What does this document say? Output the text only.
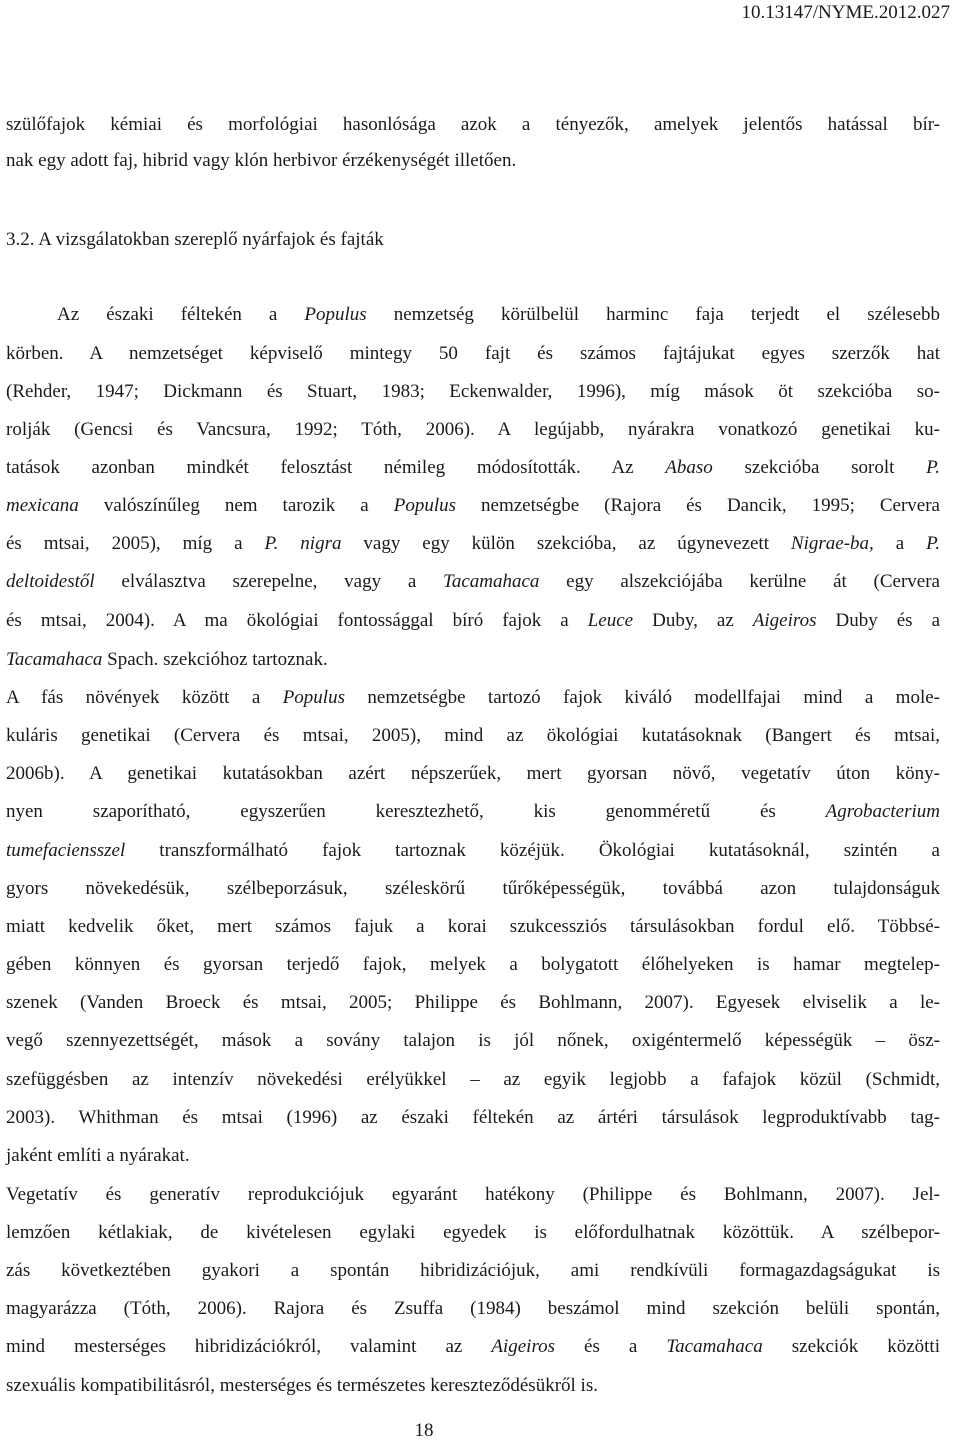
10.13147/NYME.2012.027
szülőfajok kémiai és morfológiai hasonlósága azok a tényezők, amelyek jelentős hatással bír-
nak egy adott faj, hibrid vagy klón herbivor érzékenységét illetően.
3.2. A vizsgálatokban szereplő nyárfajok és fajták
Az északi féltekén a Populus nemzetség körülbelül harminc faja terjedt el szélesebb
körben. A nemzetséget képviselő mintegy 50 fajt és számos fajtájukat egyes szerzők hat
(Rehder, 1947; Dickmann és Stuart, 1983; Eckenwalder, 1996), míg mások öt szekcióba so-
rolják (Gencsi és Vancsura, 1992; Tóth, 2006). A legújabb, nyárakra vonatkozó genetikai ku-
tatások azonban mindkét felosztást némileg módosították. Az Abaso szekcióba sorolt P.
mexicana valószínűleg nem tarozik a Populus nemzetségbe (Rajora és Dancik, 1995; Cervera
és mtsai, 2005), míg a P. nigra vagy egy külön szekcióba, az úgynevezett Nigrae-ba, a P.
deltoidestől elválasztva szerepelne, vagy a Tacamahaca egy alszekciójába kerülne át (Cervera
és mtsai, 2004). A ma ökológiai fontossággal bíró fajok a Leuce Duby, az Aigeiros Duby és a
Tacamahaca Spach. szekcióhoz tartoznak.
A fás növények között a Populus nemzetségbe tartozó fajok kiváló modellfajai mind a mole-
kuláris genetikai (Cervera és mtsai, 2005), mind az ökológiai kutatásoknak (Bangert és mtsai,
2006b). A genetikai kutatásokban azért népszerűek, mert gyorsan növő, vegetatív úton köny-
nyen szaporítható, egyszerűen keresztezhető, kis genomméretű és Agrobacterium
tumefaciensszel transzformálható fajok tartoznak közéjük. Ökológiai kutatásoknál, szintén a
gyors növekedésük, szélbeporzásuk, széleskörű tűrőképességük, továbbá azon tulajdonságuk
miatt kedvelik őket, mert számos fajuk a korai szukcessziós társulásokban fordul elő. Többsé-
gében könnyen és gyorsan terjedő fajok, melyek a bolygatott élőhelyeken is hamar megtelep-
szenek (Vanden Broeck és mtsai, 2005; Philippe és Bohlmann, 2007). Egyesek elviselik a le-
vegő szennyezettségét, mások a sovány talajon is jól nőnek, oxigéntermelő képességük – ösz-
szefüggésben az intenzív növekedési erélyükkel – az egyik legjobb a fafajok közül (Schmidt,
2003). Whithman és mtsai (1996) az északi féltekén az ártéri társulások legproduktívabb tag-
jaként említi a nyárakat.
Vegetatív és generatív reprodukciójuk egyaránt hatékony (Philippe és Bohlmann, 2007). Jel-
lemzően kétlakiak, de kivételesen egylaki egyedek is előfordulhatnak közöttük. A szélbepor-
zás következtében gyakori a spontán hibridizációjuk, ami rendkívüli formagazdagságukat is
magyarázza (Tóth, 2006). Rajora és Zsuffa (1984) beszámol mind szekción belüli spontán,
mind mesterséges hibridizációkról, valamint az Aigeiros és a Tacamahaca szekciók közötti
szexuális kompatibilitásról, mesterséges és természetes kereszteződésükről is.
18
